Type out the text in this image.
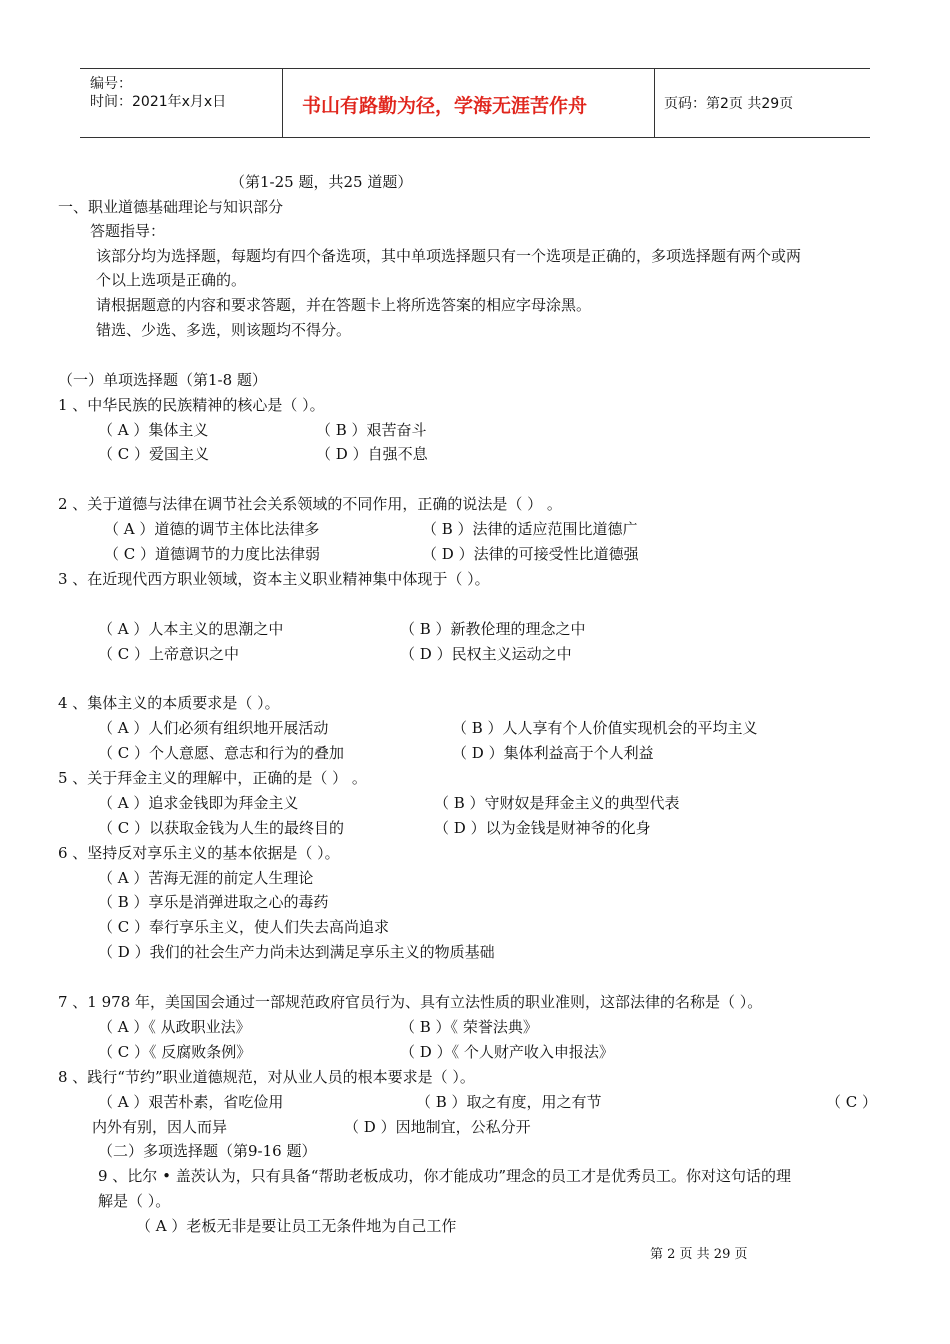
编号：
时间：2021年x月x日	书山有路勤为径，学海无涯苦作舟	页码：第2页 共29页
（第1-25 题，共25 道题）
一、职业道德基础理论与知识部分
答题指导：
该部分均为选择题，每题均有四个备选项，其中单项选择题只有一个选项是正确的，多项选择题有两个或两
个以上选项是正确的。
请根据题意的内容和要求答题，并在答题卡上将所选答案的相应字母涂黑。
错选、少选、多选，则该题均不得分。
（一）单项选择题（第1-8 题）
1 、中华民族的民族精神的核心是（ ）。
（ A ）集体主义	（ B ）艰苦奋斗
（ C ）爱国主义	（ D ）自强不息
2 、关于道德与法律在调节社会关系领域的不同作用，正确的说法是（ ） 。
（ A ）道德的调节主体比法律多	（ B ）法律的适应范围比道德广
（ C ）道德调节的力度比法律弱	（ D ）法律的可接受性比道德强
3 、在近现代西方职业领域，资本主义职业精神集中体现于（ ）。
（ A ）人本主义的思潮之中	（ B ）新教伦理的理念之中
（ C ）上帝意识之中	（ D ）民权主义运动之中
4 、集体主义的本质要求是（ ）。
（ A ）人们必须有组织地开展活动	（ B ）人人享有个人价值实现机会的平均主义
（ C ）个人意愿、意志和行为的叠加	（ D ）集体利益高于个人利益
5 、关于拜金主义的理解中，正确的是（ ） 。
（ A ）追求金钱即为拜金主义	（ B ）守财奴是拜金主义的典型代表
（ C ）以获取金钱为人生的最终目的	（ D ）以为金钱是财神爷的化身
6 、坚持反对享乐主义的基本依据是（ ）。
（ A ）苦海无涯的前定人生理论
（ B ）享乐是消弹进取之心的毒药
（ C ）奉行享乐主义，使人们失去高尚追求
（ D ）我们的社会生产力尚未达到满足享乐主义的物质基础
7 、1 978 年，美国国会通过一部规范政府官员行为、具有立法性质的职业准则，这部法律的名称是（ ）。
（ A ）《 从政职业法》	（ B ）《 荣誉法典》
（ C ）《 反腐败条例》	（ D ）《 个人财产收入申报法》
8 、践行“节约”职业道德规范，对从业人员的根本要求是（ ）。
（ A ）艰苦朴素，省吃俭用	（ B ）取之有度，用之有节	（ C ）
内外有别，因人而异	（ D ）因地制宜，公私分开
（二）多项选择题（第9-16 题）
9 、比尔 • 盖茨认为，只有具备“帮助老板成功，你才能成功”理念的员工才是优秀员工。你对这句话的理
解是（ ）。
（ A ）老板无非是要让员工无条件地为自己工作
第 2 页 共 29 页
